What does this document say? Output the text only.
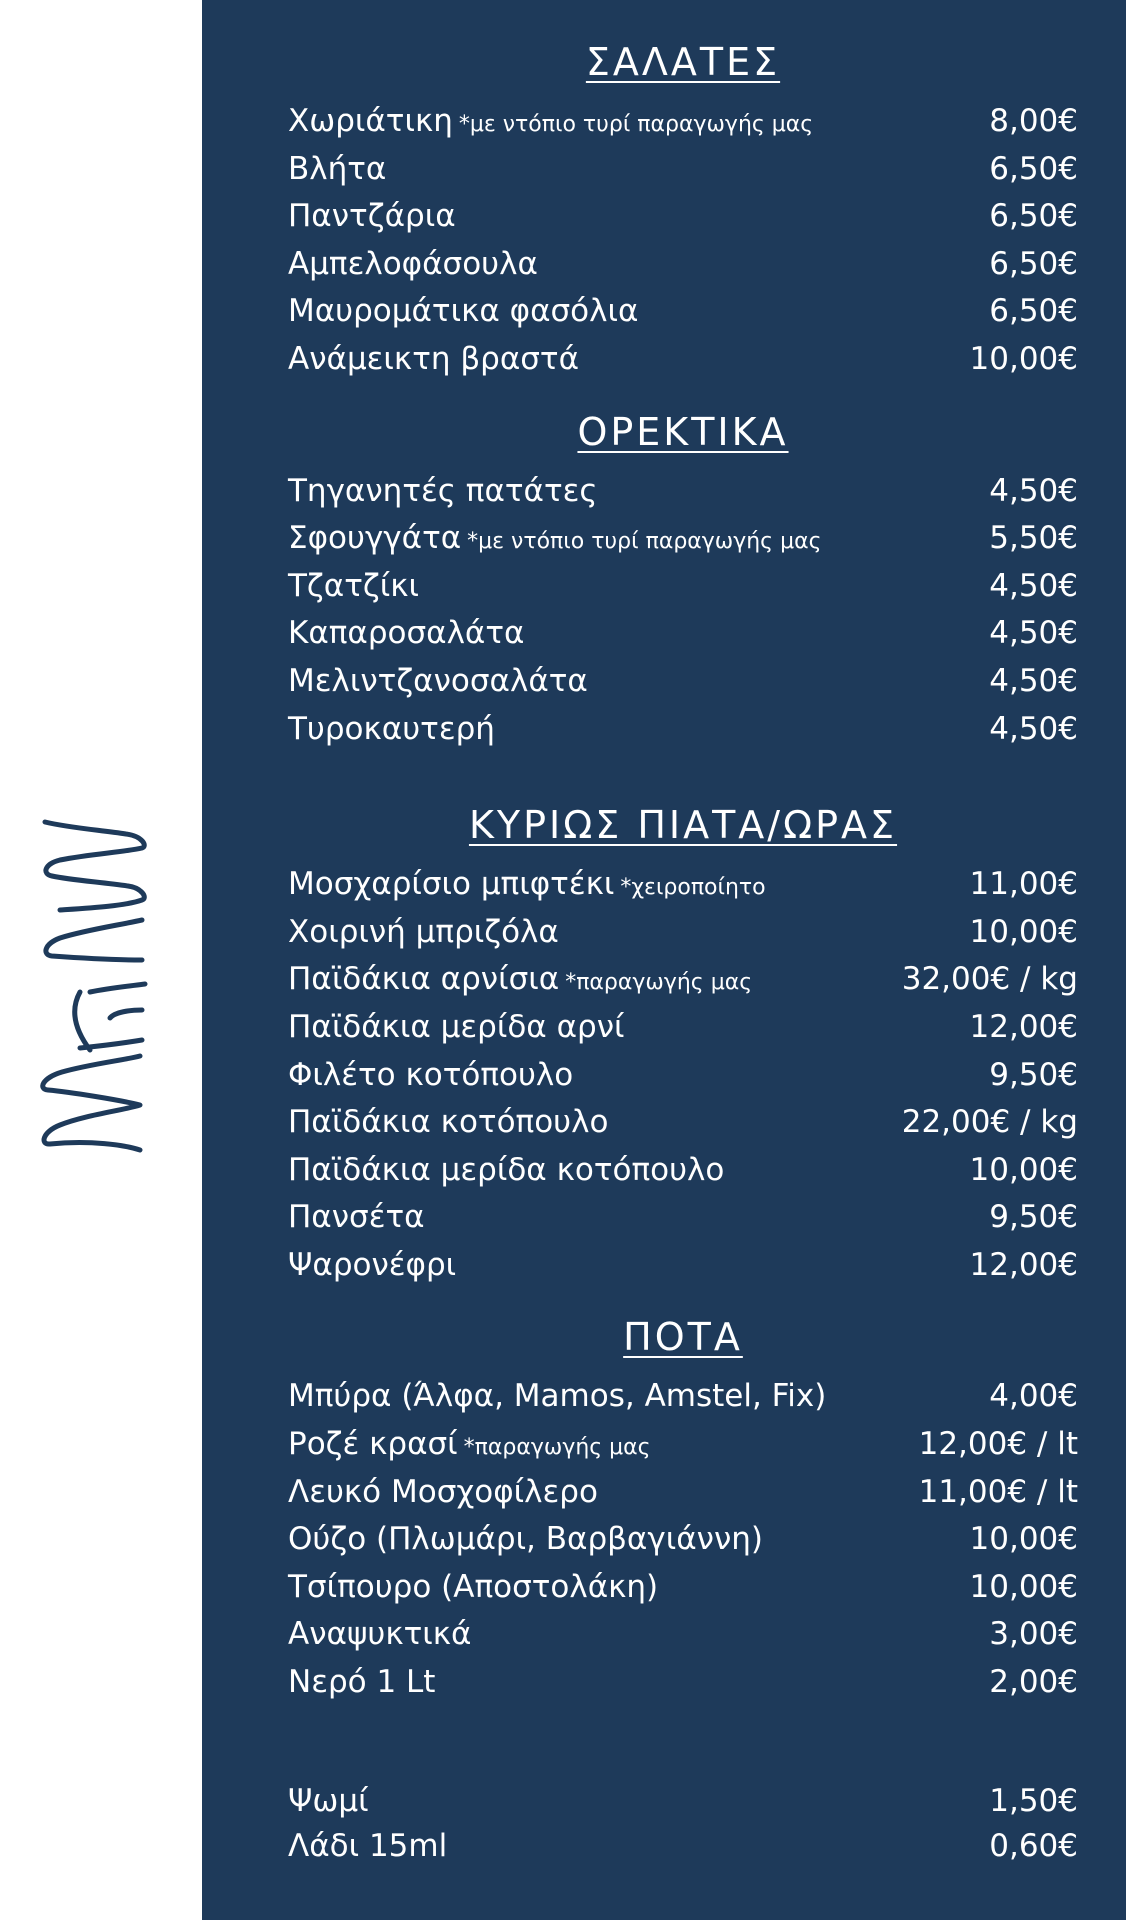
ΣΑΛΑΤΕΣ
Χωριάτικη *με ντόπιο τυρί παραγωγής μας	8,00€
Βλήτα	6,50€
Παντζάρια	6,50€
Αμπελοφάσουλα	6,50€
Μαυρομάτικα φασόλια	6,50€
Ανάμεικτη βραστά	10,00€
ΟΡΕΚΤΙΚΑ
Τηγανητές πατάτες	4,50€
Σφουγγάτα *με ντόπιο τυρί παραγωγής μας	5,50€
Τζατζίκι	4,50€
Καπαροσαλάτα	4,50€
Μελιντζανοσαλάτα	4,50€
Τυροκαυτερή	4,50€
ΚΥΡΙΩΣ ΠΙΑΤΑ/ΩΡΑΣ
Μοσχαρίσιο μπιφτέκι *χειροποίητο	11,00€
Χοιρινή μπριζόλα	10,00€
Παϊδάκια αρνίσια *παραγωγής μας	32,00€ / kg
Παϊδάκια μερίδα αρνί	12,00€
Φιλέτο κοτόπουλο	9,50€
Παϊδάκια κοτόπουλο	22,00€ / kg
Παϊδάκια μερίδα κοτόπουλο	10,00€
Πανσέτα	9,50€
Ψαρονέφρι	12,00€
ΠΟΤΑ
Μπύρα (Άλφα, Mamos, Amstel, Fix)	4,00€
Ροζέ κρασί *παραγωγής μας	12,00€ / lt
Λευκό Μοσχοφίλερο	11,00€ / lt
Ούζο (Πλωμάρι, Βαρβαγιάννη)	10,00€
Τσίπουρο (Αποστολάκη)	10,00€
Αναψυκτικά	3,00€
Νερό 1 Lt	2,00€
Ψωμί	1,50€
Λάδι 15ml	0,60€
